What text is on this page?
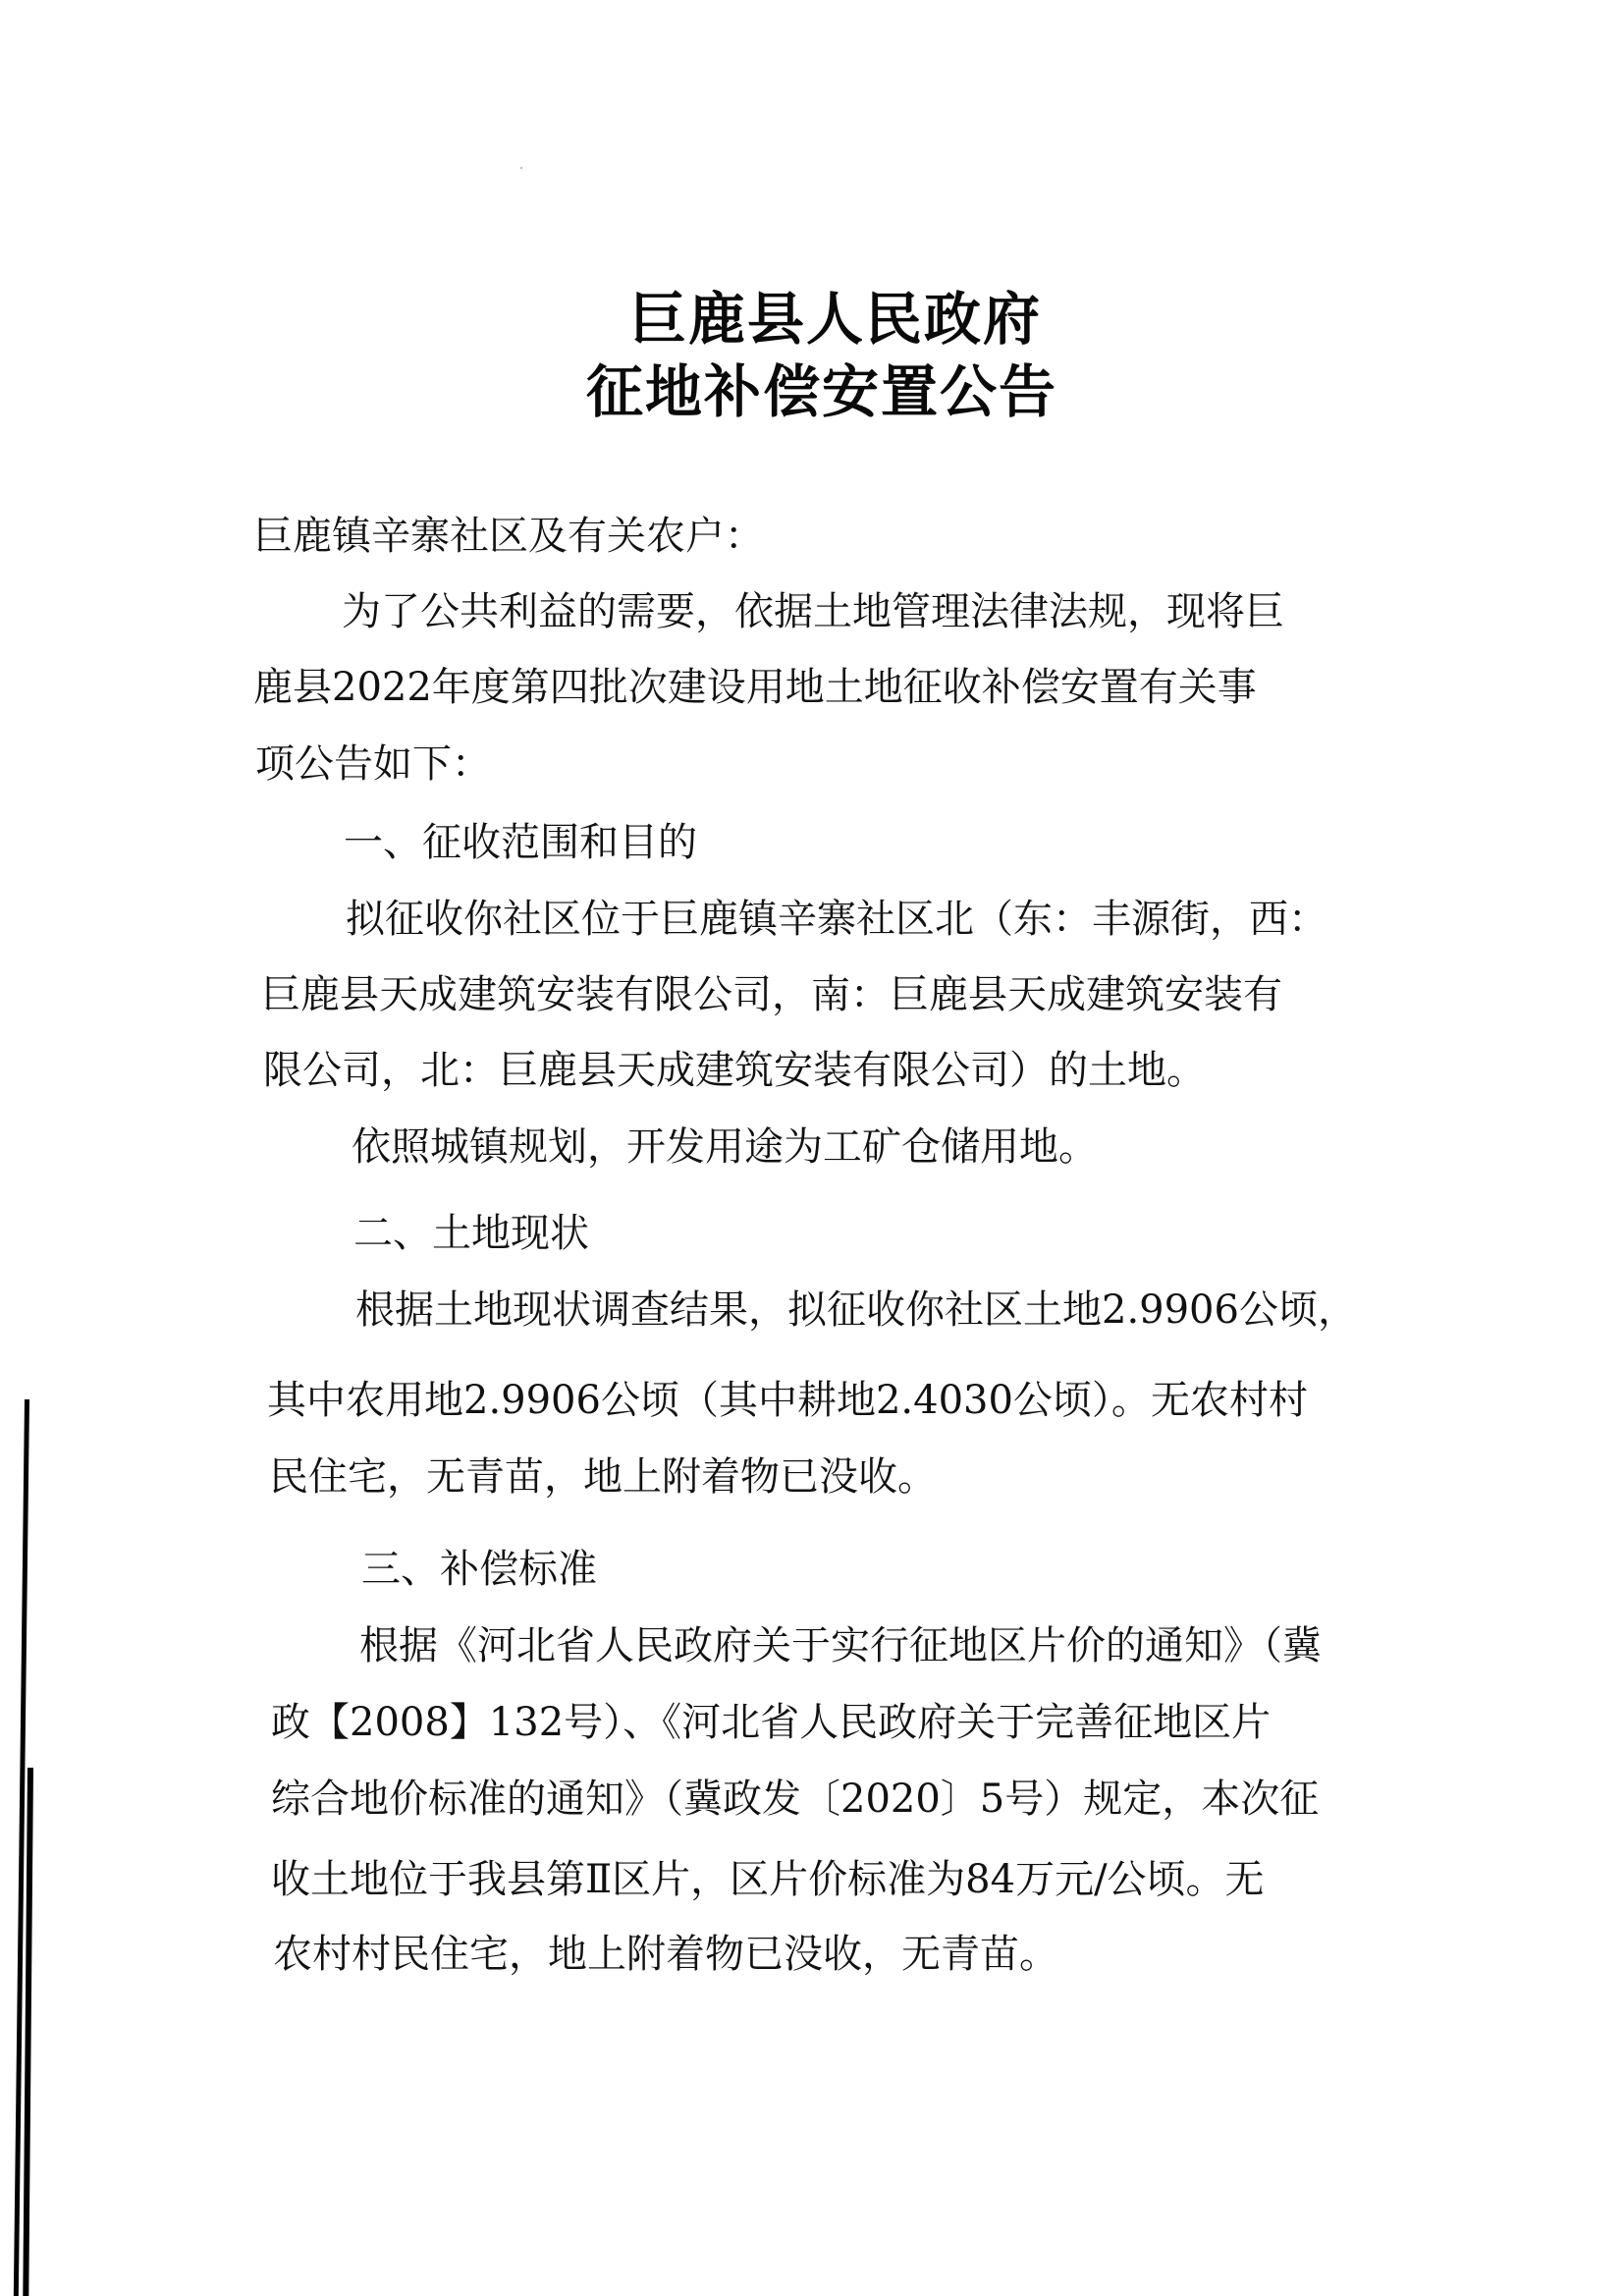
巨鹿县人民政府
征地补偿安置公告
巨鹿镇辛寨社区及有关农户：
为了公共利益的需要，依据土地管理法律法规，现将巨
鹿县2022年度第四批次建设用地土地征收补偿安置有关事
项公告如下：
一、征收范围和目的
拟征收你社区位于巨鹿镇辛寨社区北（东：丰源街，西：
巨鹿县天成建筑安装有限公司，南：巨鹿县天成建筑安装有
限公司，北：巨鹿县天成建筑安装有限公司）的土地。
依照城镇规划，开发用途为工矿仓储用地。
二、土地现状
根据土地现状调查结果，拟征收你社区土地2.9906公顷，
其中农用地2.9906公顷（其中耕地2.4030公顷）。无农村村
民住宅，无青苗，地上附着物已没收。
三、补偿标准
根据《河北省人民政府关于实行征地区片价的通知》（冀
政【2008】132号）、《河北省人民政府关于完善征地区片
综合地价标准的通知》（冀政发〔2020〕5号）规定，本次征
收土地位于我县第Ⅱ区片，区片价标准为84万元/公顷。无
农村村民住宅，地上附着物已没收，无青苗。
